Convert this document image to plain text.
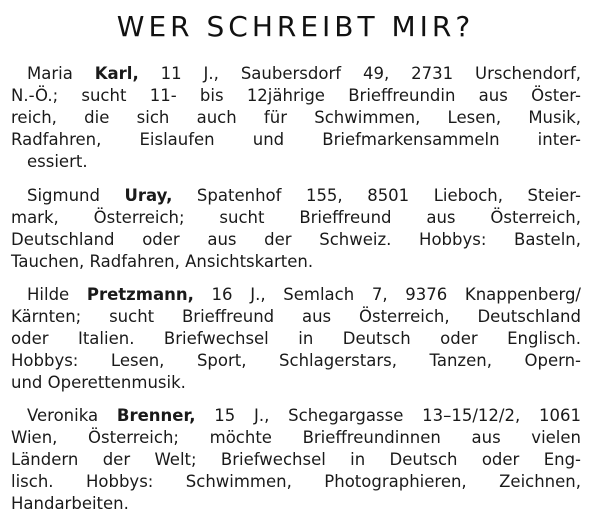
WER SCHREIBT MIR?
Maria Karl, 11 J., Saubersdorf 49, 2731 Urschendorf,
N.-Ö.; sucht 11- bis 12jährige Brieffreundin aus Öster-
reich, die sich auch für Schwimmen, Lesen, Musik,
Radfahren, Eislaufen und Briefmarkensammeln inter-
essiert.
Sigmund Uray, Spatenhof 155, 8501 Lieboch, Steier-
mark, Österreich; sucht Brieffreund aus Österreich,
Deutschland oder aus der Schweiz. Hobbys: Basteln,
Tauchen, Radfahren, Ansichtskarten.
Hilde Pretzmann, 16 J., Semlach 7, 9376 Knappenberg/
Kärnten; sucht Brieffreund aus Österreich, Deutschland
oder Italien. Briefwechsel in Deutsch oder Englisch.
Hobbys: Lesen, Sport, Schlagerstars, Tanzen, Opern-
und Operettenmusik.
Veronika Brenner, 15 J., Schegargasse 13–15/12/2, 1061
Wien, Österreich; möchte Brieffreundinnen aus vielen
Ländern der Welt; Briefwechsel in Deutsch oder Eng-
lisch. Hobbys: Schwimmen, Photographieren, Zeichnen,
Handarbeiten.
